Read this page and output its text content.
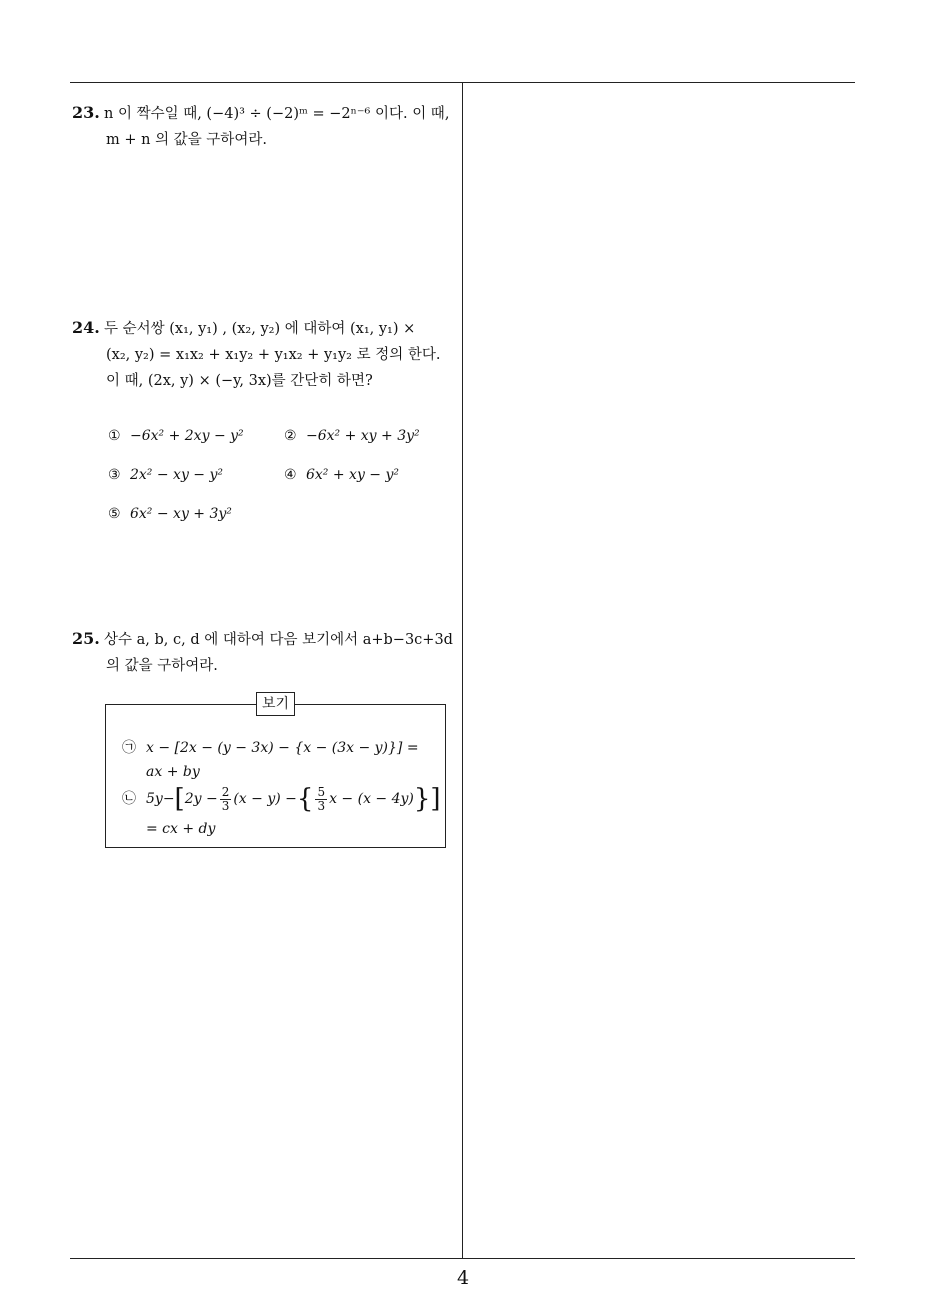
4
23. n 이 짝수일 때, (−4)³ ÷ (−2)ᵐ = −2ⁿ⁻⁶ 이다. 이 때,
m + n 의 값을 구하여라.
24. 두 순서쌍 (x₁, y₁) , (x₂, y₂) 에 대하여 (x₁, y₁) ×
(x₂, y₂) = x₁x₂ + x₁y₂ + y₁x₂ + y₁y₂ 로 정의 한다.
이 때, (2x, y) × (−y, 3x)를 간단히 하면?
① −6x² + 2xy − y²	② −6x² + xy + 3y²
③ 2x² − xy − y²	④ 6x² + xy − y²
⑤ 6x² − xy + 3y²
25. 상수 a, b, c, d 에 대하여 다음 보기에서 a+b−3c+3d
의 값을 구하여라.
보기
㉠ x − [2x − (y − 3x) − {x − (3x − y)}] =
ax + by
㉡ $5y-[2y - \frac{2}{3} (x - y)$ −{ $\frac{5}{3}$ x − (x − 4y)}]
= cx + dy
